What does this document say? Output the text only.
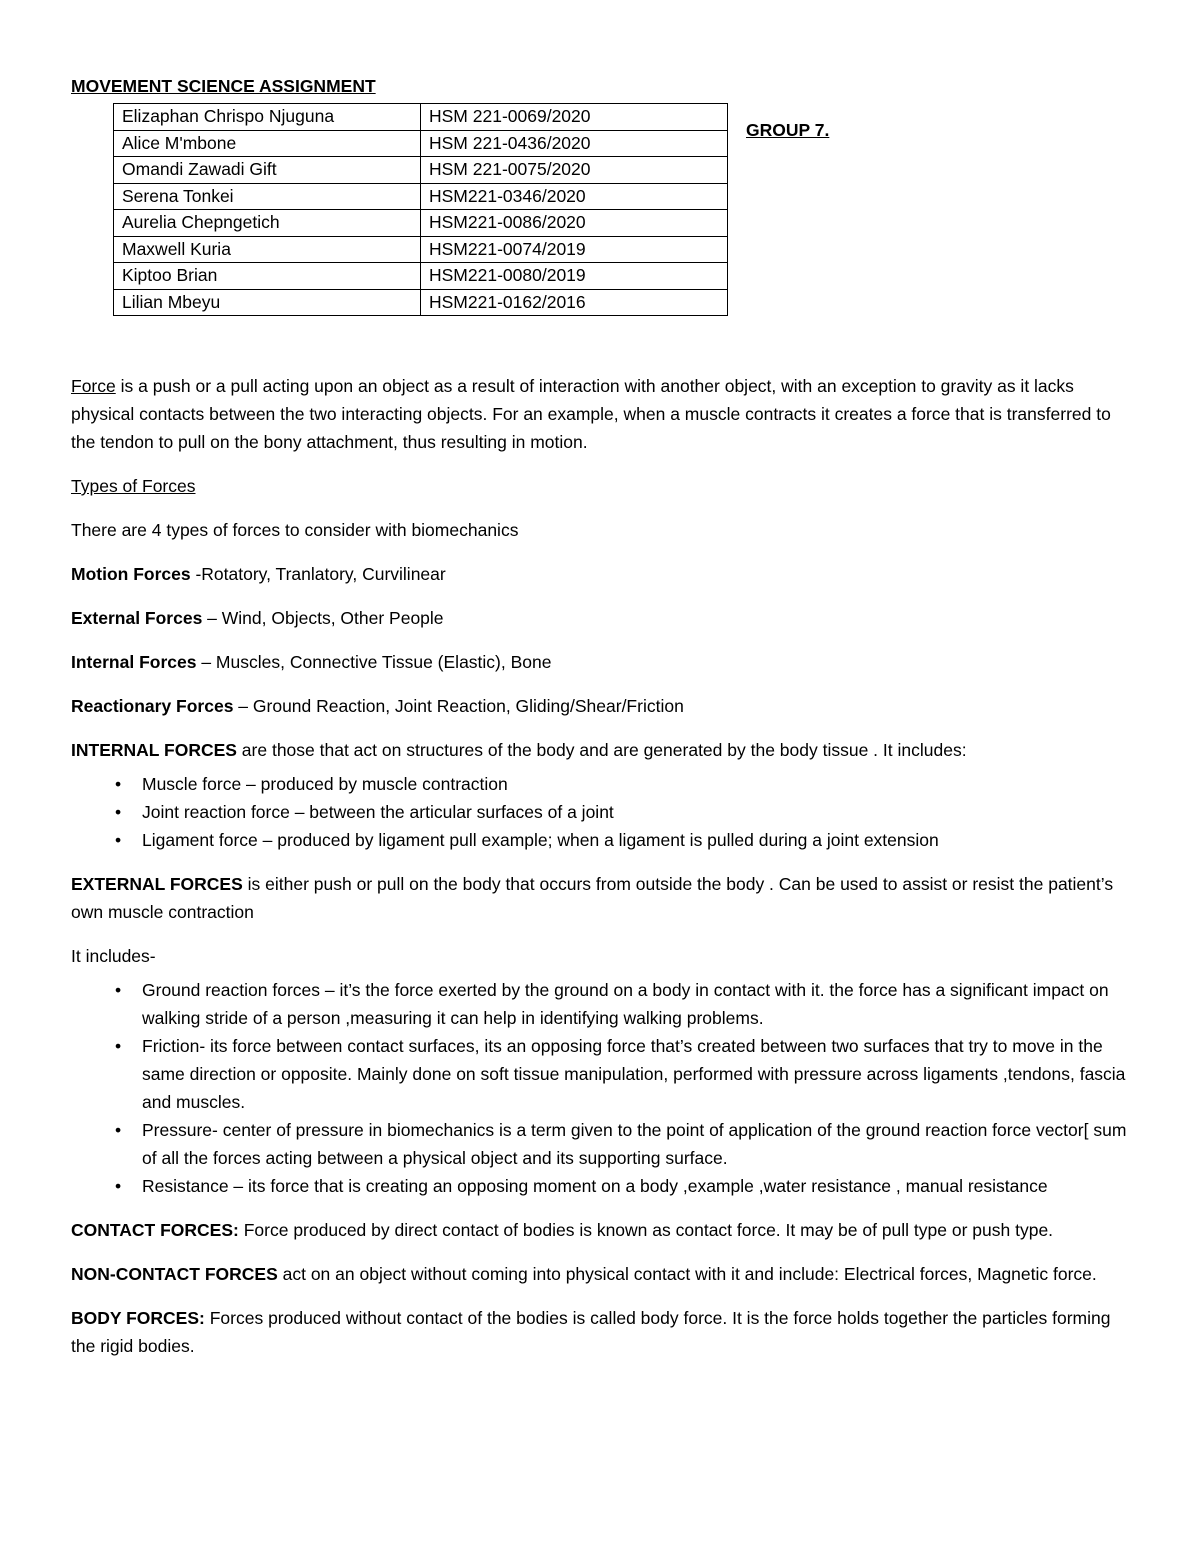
MOVEMENT SCIENCE ASSIGNMENT

GROUP 7.
Elizaphan Chrispo Njuguna	HSM 221-0069/2020
Alice M'mbone	HSM 221-0436/2020
Omandi Zawadi Gift	HSM 221-0075/2020
Serena Tonkei	HSM221-0346/2020
Aurelia Chepngetich	HSM221-0086/2020
Maxwell Kuria	HSM221-0074/2019
Kiptoo Brian	HSM221-0080/2019
Lilian Mbeyu	HSM221-0162/2016

Force is a push or a pull acting upon an object as a result of interaction with another object, with an exception to gravity as it lacks physical contacts between the two interacting objects. For an example, when a muscle contracts it creates a force that is transferred to the tendon to pull on the bony attachment, thus resulting in motion.

Types of Forces

There are 4 types of forces to consider with biomechanics

Motion Forces -Rotatory, Tranlatory, Curvilinear

External Forces – Wind, Objects, Other People

Internal Forces – Muscles, Connective Tissue (Elastic), Bone

Reactionary Forces – Ground Reaction, Joint Reaction, Gliding/Shear/Friction

INTERNAL FORCES are those that act on structures of the body and are generated by the body tissue . It includes:

• Muscle force – produced by muscle contraction
• Joint reaction force – between the articular surfaces of a joint
• Ligament force – produced by ligament pull example; when a ligament is pulled during a joint extension

EXTERNAL FORCES is either push or pull on the body that occurs from outside the body . Can be used to assist or resist the patient’s own muscle contraction

It includes-

• Ground reaction forces – it’s the force exerted by the ground on a body in contact with it. the force has a significant impact on walking stride of a person ,measuring it can help in identifying walking problems.
• Friction- its force between contact surfaces, its an opposing force that’s created between two surfaces that try to move in the same direction or opposite. Mainly done on soft tissue manipulation, performed with pressure across ligaments ,tendons, fascia and muscles.
• Pressure- center of pressure in biomechanics is a term given to the point of application of the ground reaction force vector[ sum of all the forces acting between a physical object and its supporting surface.
• Resistance – its force that is creating an opposing moment on a body ,example ,water resistance , manual resistance

CONTACT FORCES: Force produced by direct contact of bodies is known as contact force. It may be of pull type or push type.

NON-CONTACT FORCES act on an object without coming into physical contact with it and include: Electrical forces, Magnetic force.

BODY FORCES: Forces produced without contact of the bodies is called body force. It is the force holds together the particles forming the rigid bodies.
